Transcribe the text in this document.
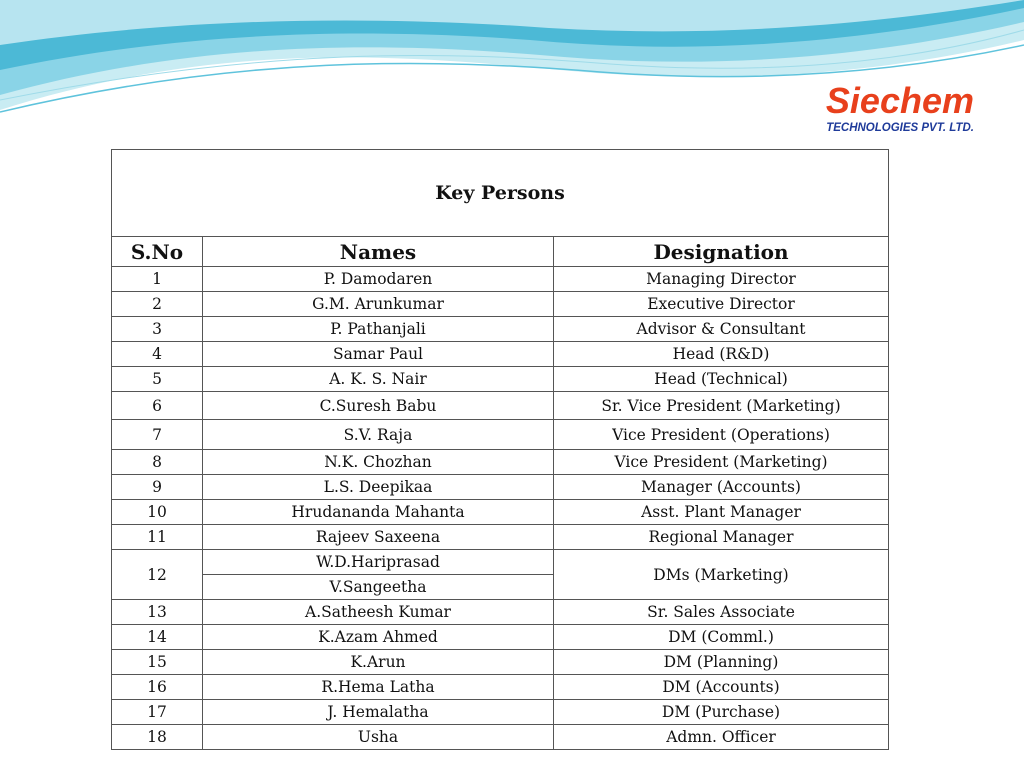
Siechem
TECHNOLOGIES PVT. LTD.
Key Persons		
S.No	Names	Designation
1	P. Damodaren	Managing Director
2	G.M. Arunkumar	Executive Director
3	P. Pathanjali	Advisor & Consultant
4	Samar Paul	Head (R&D)
5	A. K. S. Nair	Head (Technical)
6	C.Suresh Babu	Sr. Vice President (Marketing)
7	S.V. Raja	Vice President (Operations)
8	N.K. Chozhan	Vice President (Marketing)
9	L.S. Deepikaa	Manager (Accounts)
10	Hrudananda Mahanta	Asst. Plant Manager
11	Rajeev Saxeena	Regional Manager
12	W.D.Hariprasad	DMs (Marketing)
	V.Sangeetha	
13	A.Satheesh Kumar	Sr. Sales Associate
14	K.Azam Ahmed	DM (Comml.)
15	K.Arun	DM (Planning)
16	R.Hema Latha	DM (Accounts)
17	J. Hemalatha	DM (Purchase)
18	Usha	Admn. Officer
